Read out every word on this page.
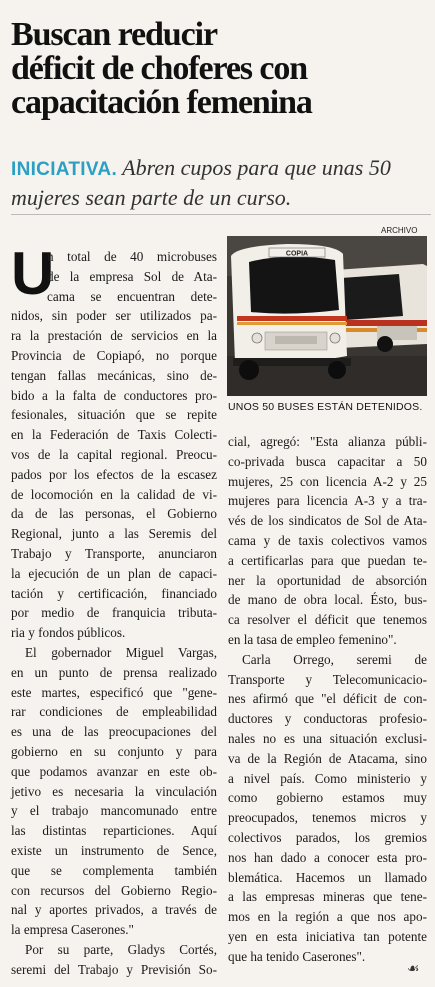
Buscan reducir
déficit de choferes con
capacitación femenina
INICIATIVA. Abren cupos para que unas 50 mujeres sean parte de un curso.
ARCHIVO
COPIA
UNOS 50 BUSES ESTÁN DETENIDOS.
U
n total de 40 microbuses
de la empresa Sol de Ata-
cama se encuentran dete-
nidos, sin poder ser utilizados pa-
ra la prestación de servicios en la
Provincia de Copiapó, no porque
tengan fallas mecánicas, sino de-
bido a la falta de conductores pro-
fesionales, situación que se repite
en la Federación de Taxis Colecti-
vos de la capital regional. Preocu-
pados por los efectos de la escasez
de locomoción en la calidad de vi-
da de las personas, el Gobierno
Regional, junto a las Seremis del
Trabajo y Transporte, anunciaron
la ejecución de un plan de capaci-
tación y certificación, financiado
por medio de franquicia tributa-
ria y fondos públicos.
El gobernador Miguel Vargas,
en un punto de prensa realizado
este martes, especificó que "gene-
rar condiciones de empleabilidad
es una de las preocupaciones del
gobierno en su conjunto y para
que podamos avanzar en este ob-
jetivo es necesaria la vinculación
y el trabajo mancomunado entre
las distintas reparticiones. Aquí
existe un instrumento de Sence,
que se complementa también
con recursos del Gobierno Regio-
nal y aportes privados, a través de
la empresa Caserones."
Por su parte, Gladys Cortés,
seremi del Trabajo y Previsión So-
cial, agregó: "Esta alianza públi-
co-privada busca capacitar a 50
mujeres, 25 con licencia A-2 y 25
mujeres para licencia A-3 y a tra-
vés de los sindicatos de Sol de Ata-
cama y de taxis colectivos vamos
a certificarlas para que puedan te-
ner la oportunidad de absorción
de mano de obra local. Ésto, bus-
ca resolver el déficit que tenemos
en la tasa de empleo femenino".
Carla Orrego, seremi de
Transporte y Telecomunicacio-
nes afirmó que "el déficit de con-
ductores y conductoras profesio-
nales no es una situación exclusi-
va de la Región de Atacama, sino
a nivel país. Como ministerio y
como gobierno estamos muy
preocupados, tenemos micros y
colectivos parados, los gremios
nos han dado a conocer esta pro-
blemática. Hacemos un llamado
a las empresas mineras que tene-
mos en la región a que nos apo-
yen en esta iniciativa tan potente
que ha tenido Caserones".
☙
